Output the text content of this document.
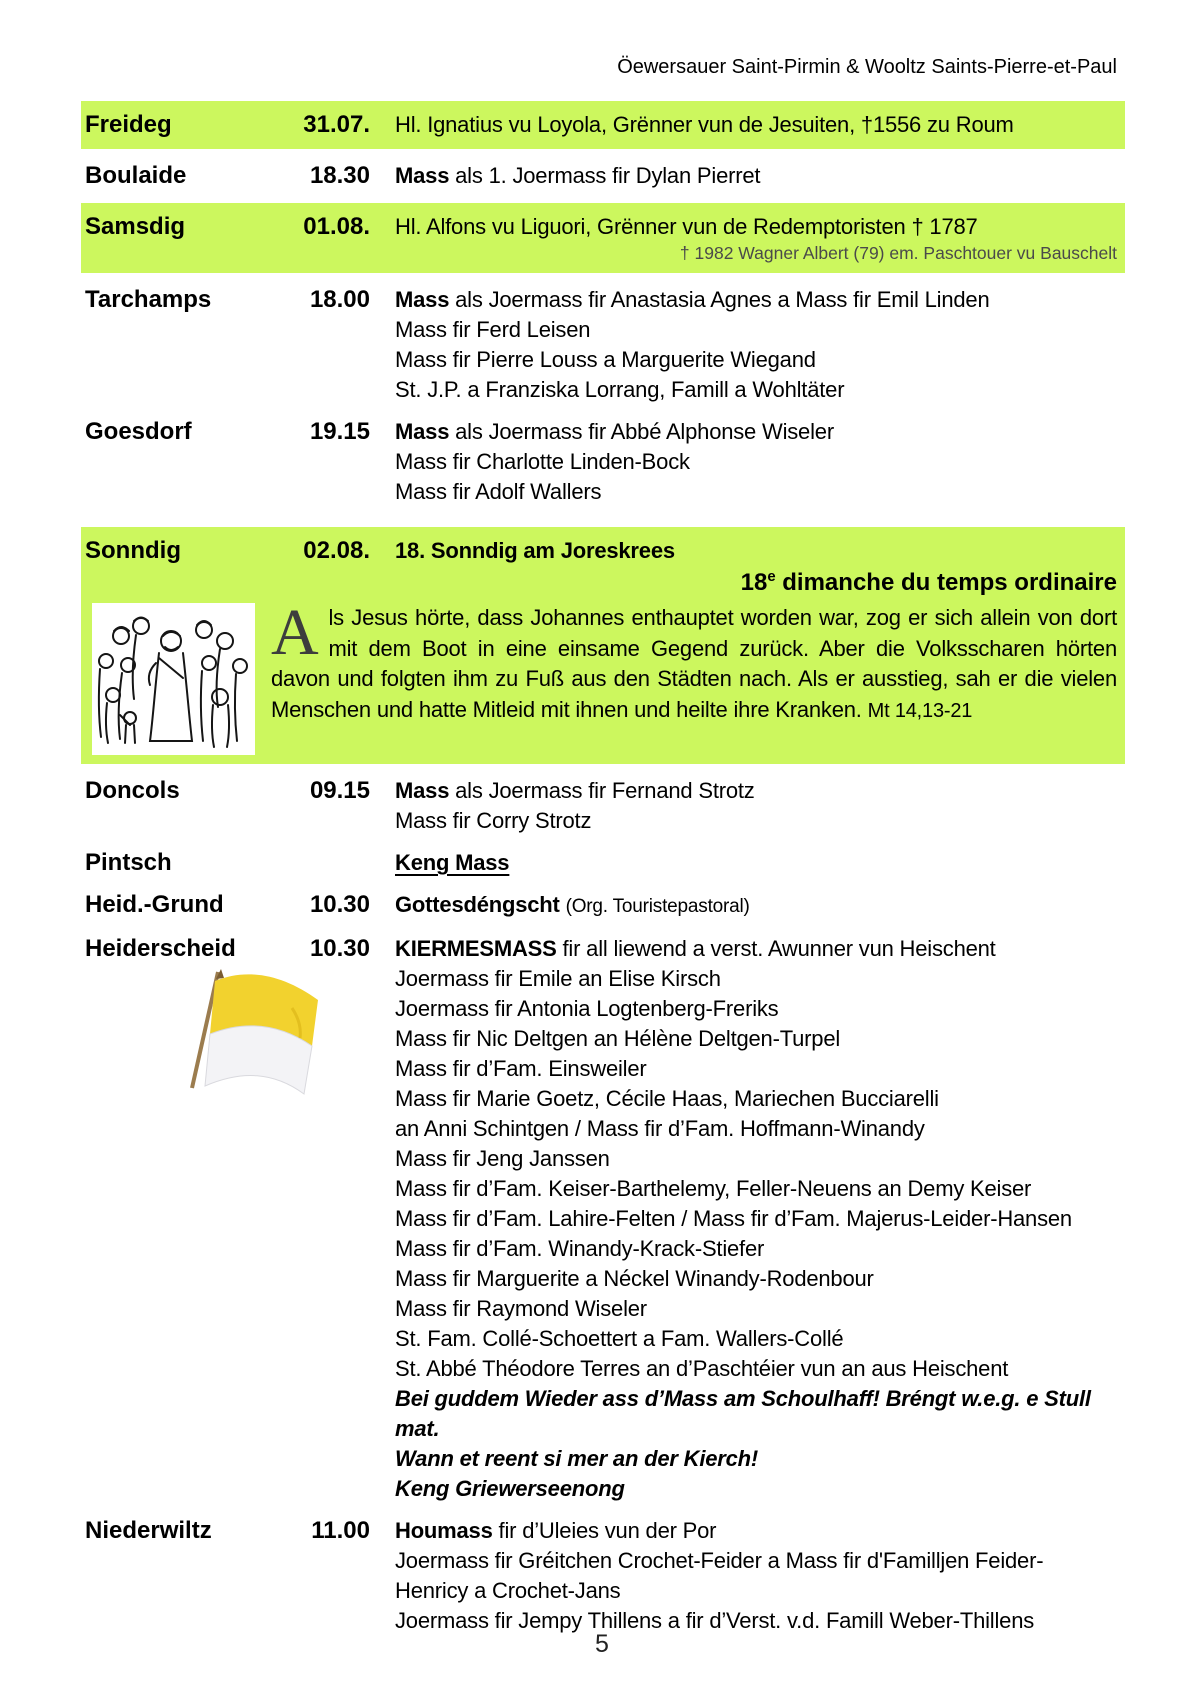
Öewersauer Saint-Pirmin & Wooltz Saints-Pierre-et-Paul
Freideg	31.07. Hl. Ignatius vu Loyola, Grënner vun de Jesuiten, †1556 zu Roum
Boulaide	18.30 Mass als 1. Joermass fir Dylan Pierret
Samsdig	01.08. Hl. Alfons vu Liguori, Grënner vun de Redemptoristen † 1787
† 1982 Wagner Albert (79) em. Paschtouer vu Bauschelt
Tarchamps	18.00 Mass als Joermass fir Anastasia Agnes a Mass fir Emil Linden
Mass fir Ferd Leisen
Mass fir Pierre Louss a Marguerite Wiegand
St. J.P. a Franziska Lorrang, Famill a Wohltäter
Goesdorf	19.15 Mass als Joermass fir Abbé Alphonse Wiseler
Mass fir Charlotte Linden-Bock
Mass fir Adolf Wallers
Sonndig	02.08. 18. Sonndig am Joreskrees
18e dimanche du temps ordinaire
Als Jesus hörte, dass Johannes enthauptet worden war, zog er sich allein von dort mit dem Boot in eine einsame Gegend zurück. Aber die Volksscharen hörten davon und folgten ihm zu Fuß aus den Städten nach. Als er ausstieg, sah er die vielen Menschen und hatte Mitleid mit ihnen und heilte ihre Kranken. Mt 14,13-21
Doncols	09.15 Mass als Joermass fir Fernand Strotz
Mass fir Corry Strotz
Pintsch	Keng Mass
Heid.-Grund	10.30 Gottesdéngscht (Org. Touristepastoral)
Heiderscheid	10.30 KIERMESMASS fir all liewend a verst. Awunner vun Heischent
Joermass fir Emile an Elise Kirsch
Joermass fir Antonia Logtenberg-Freriks
Mass fir Nic Deltgen an Hélène Deltgen-Turpel
Mass fir d’Fam. Einsweiler
Mass fir Marie Goetz, Cécile Haas, Mariechen Bucciarelli
an Anni Schintgen / Mass fir d’Fam. Hoffmann-Winandy
Mass fir Jeng Janssen
Mass fir d’Fam. Keiser-Barthelemy, Feller-Neuens an Demy Keiser
Mass fir d’Fam. Lahire-Felten / Mass fir d’Fam. Majerus-Leider-Hansen
Mass fir d’Fam. Winandy-Krack-Stiefer
Mass fir Marguerite a Néckel Winandy-Rodenbour
Mass fir Raymond Wiseler
St. Fam. Collé-Schoettert a Fam. Wallers-Collé
St. Abbé Théodore Terres an d’Paschtéier vun an aus Heischent
Bei guddem Wieder ass d’Mass am Schoulhaff! Bréngt w.e.g. e Stull mat.
Wann et reent si mer an der Kierch!
Keng Griewerseenong
Niederwiltz	11.00 Houmass fir d’Uleies vun der Por
Joermass fir Gréitchen Crochet-Feider a Mass fir d'Familljen Feider-
Henricy a Crochet-Jans
Joermass fir Jempy Thillens a fir d’Verst. v.d. Famill Weber-Thillens
5
